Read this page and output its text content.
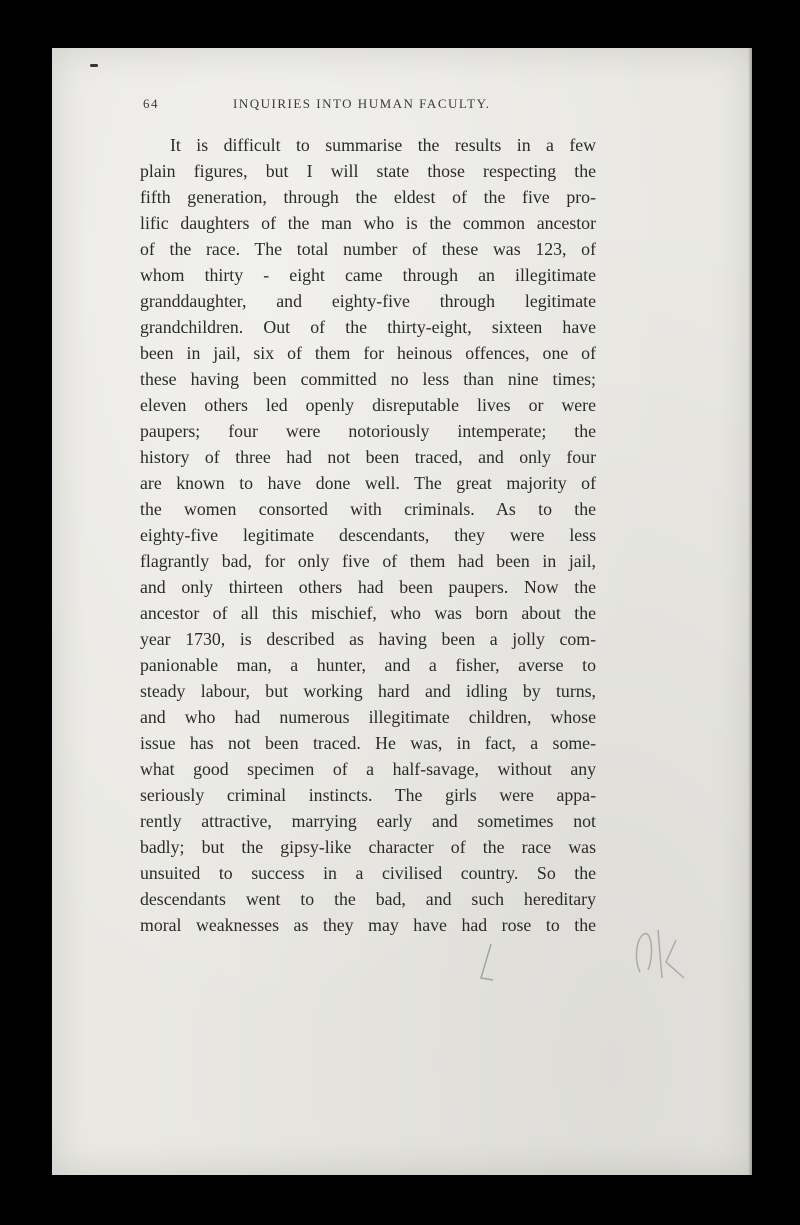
64	INQUIRIES INTO HUMAN FACULTY.
It is difficult to summarise the results in a few
plain figures, but I will state those respecting the
fifth generation, through the eldest of the five pro-
lific daughters of the man who is the common ancestor
of the race. The total number of these was 123, of
whom thirty - eight came through an illegitimate
granddaughter, and eighty-five through legitimate
grandchildren. Out of the thirty-eight, sixteen have
been in jail, six of them for heinous offences, one of
these having been committed no less than nine times;
eleven others led openly disreputable lives or were
paupers; four were notoriously intemperate; the
history of three had not been traced, and only four
are known to have done well. The great majority of
the women consorted with criminals. As to the
eighty-five legitimate descendants, they were less
flagrantly bad, for only five of them had been in jail,
and only thirteen others had been paupers. Now the
ancestor of all this mischief, who was born about the
year 1730, is described as having been a jolly com-
panionable man, a hunter, and a fisher, averse to
steady labour, but working hard and idling by turns,
and who had numerous illegitimate children, whose
issue has not been traced. He was, in fact, a some-
what good specimen of a half-savage, without any
seriously criminal instincts. The girls were appa-
rently attractive, marrying early and sometimes not
badly; but the gipsy-like character of the race was
unsuited to success in a civilised country. So the
descendants went to the bad, and such hereditary
moral weaknesses as they may have had rose to the
